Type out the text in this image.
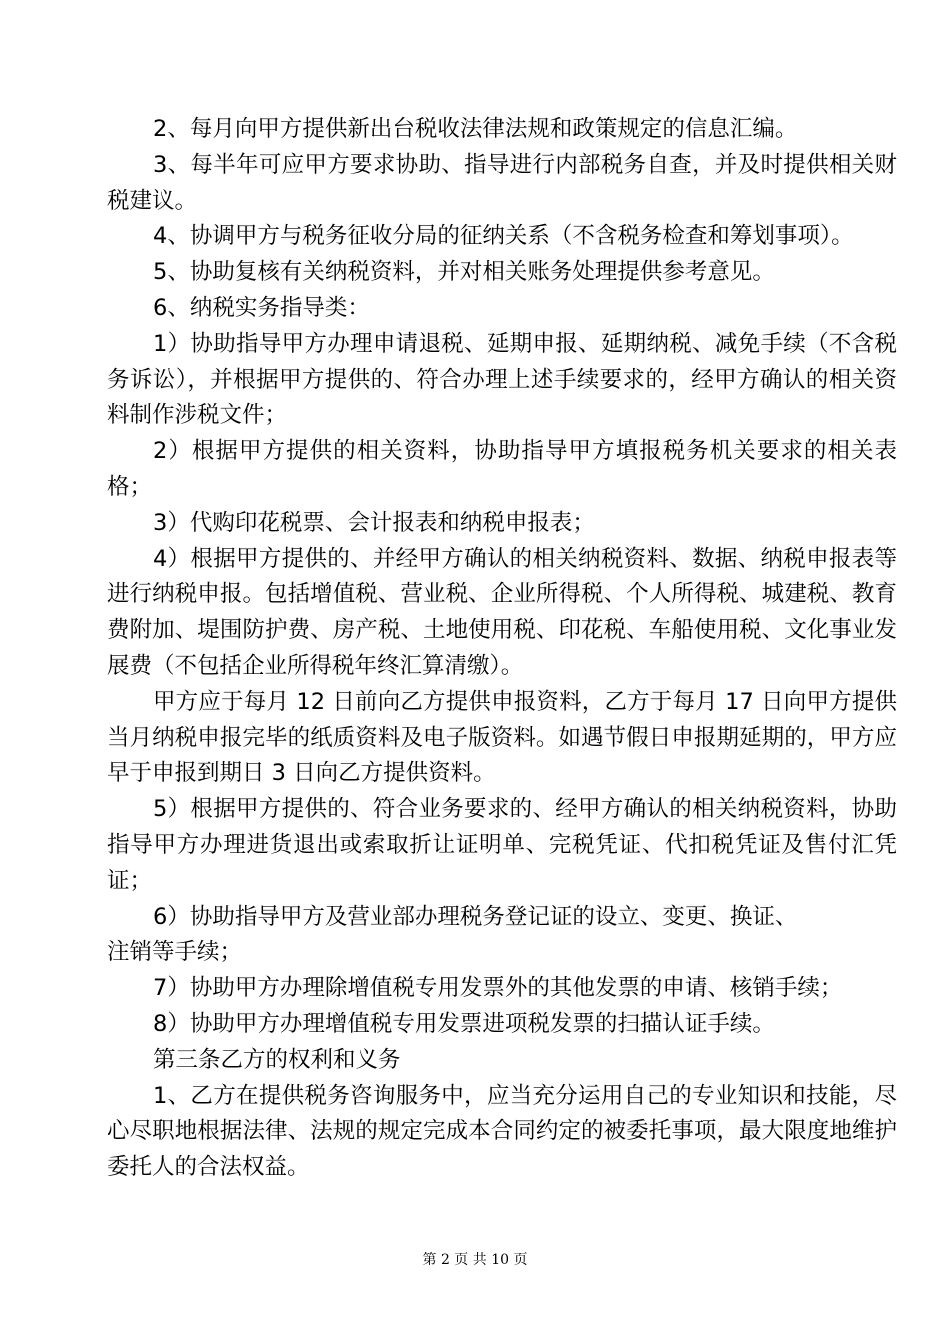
2、每月向甲方提供新出台税收法律法规和政策规定的信息汇编。

3、每半年可应甲方要求协助、指导进行内部税务自查，并及时提供相关财税建议。

4、协调甲方与税务征收分局的征纳关系（不含税务检查和筹划事项）。

5、协助复核有关纳税资料，并对相关账务处理提供参考意见。

6、纳税实务指导类：

1）协助指导甲方办理申请退税、延期申报、延期纳税、减免手续（不含税务诉讼），并根据甲方提供的、符合办理上述手续要求的，经甲方确认的相关资料制作涉税文件；

2）根据甲方提供的相关资料，协助指导甲方填报税务机关要求的相关表格；

3）代购印花税票、会计报表和纳税申报表；

4）根据甲方提供的、并经甲方确认的相关纳税资料、数据、纳税申报表等进行纳税申报。包括增值税、营业税、企业所得税、个人所得税、城建税、教育费附加、堤围防护费、房产税、土地使用税、印花税、车船使用税、文化事业发展费（不包括企业所得税年终汇算清缴）。

甲方应于每月 12 日前向乙方提供申报资料，乙方于每月 17 日向甲方提供当月纳税申报完毕的纸质资料及电子版资料。如遇节假日申报期延期的，甲方应早于申报到期日 3 日向乙方提供资料。

5）根据甲方提供的、符合业务要求的、经甲方确认的相关纳税资料，协助指导甲方办理进货退出或索取折让证明单、完税凭证、代扣税凭证及售付汇凭证；

6）协助指导甲方及营业部办理税务登记证的设立、变更、换证、

注销等手续；

7）协助甲方办理除增值税专用发票外的其他发票的申请、核销手续；

8）协助甲方办理增值税专用发票进项税发票的扫描认证手续。

第三条乙方的权利和义务

1、乙方在提供税务咨询服务中，应当充分运用自己的专业知识和技能，尽心尽职地根据法律、法规的规定完成本合同约定的被委托事项，最大限度地维护委托人的合法权益。

第 2 页 共 10 页
